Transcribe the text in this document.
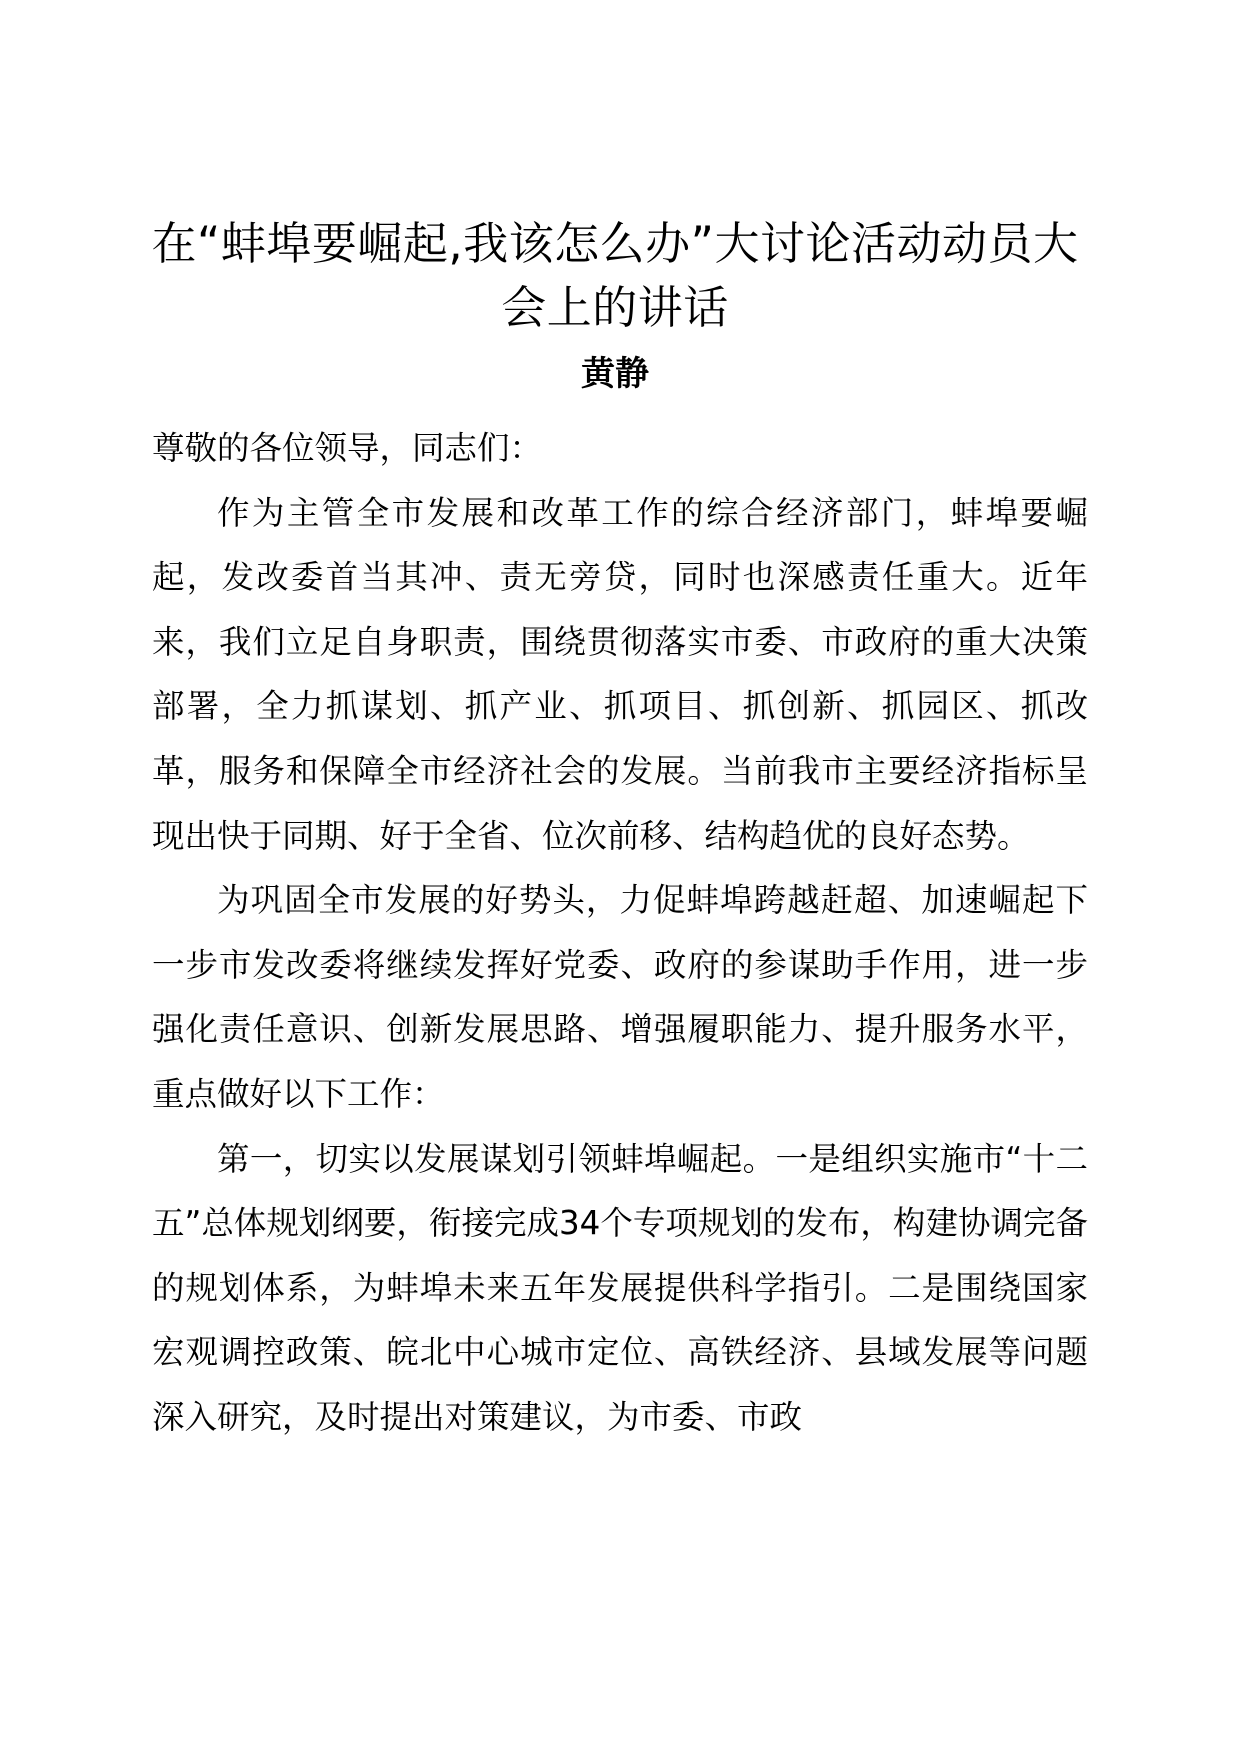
在“蚌埠要崛起,我该怎么办”大讨论活动动员大会上的讲话
黄静

尊敬的各位领导，同志们：

作为主管全市发展和改革工作的综合经济部门，蚌埠要崛起，发改委首当其冲、责无旁贷，同时也深感责任重大。近年来，我们立足自身职责，围绕贯彻落实市委、市政府的重大决策部署，全力抓谋划、抓产业、抓项目、抓创新、抓园区、抓改革，服务和保障全市经济社会的发展。当前我市主要经济指标呈现出快于同期、好于全省、位次前移、结构趋优的良好态势。

为巩固全市发展的好势头，力促蚌埠跨越赶超、加速崛起下一步市发改委将继续发挥好党委、政府的参谋助手作用，进一步强化责任意识、创新发展思路、增强履职能力、提升服务水平，重点做好以下工作：

第一，切实以发展谋划引领蚌埠崛起。一是组织实施市“十二五”总体规划纲要，衔接完成34个专项规划的发布，构建协调完备的规划体系，为蚌埠未来五年发展提供科学指引。二是围绕国家宏观调控政策、皖北中心城市定位、高铁经济、县域发展等问题深入研究，及时提出对策建议，为市委、市政
